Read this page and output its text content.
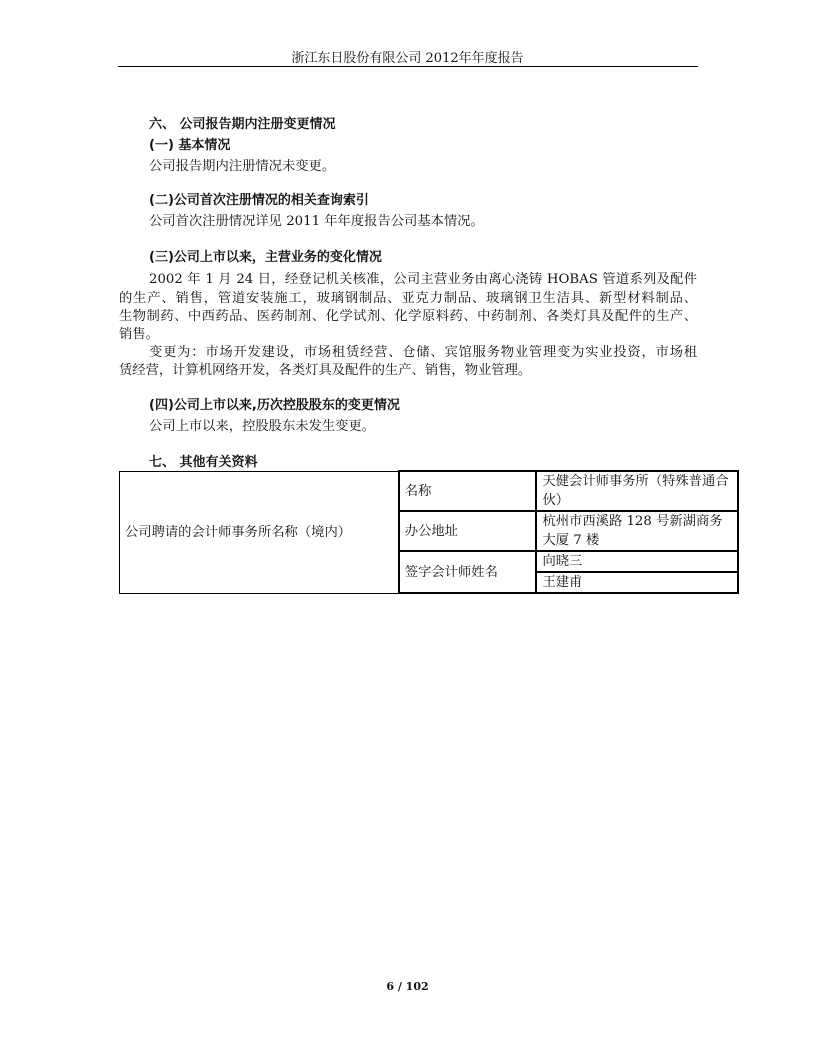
浙江东日股份有限公司 2012年年度报告
六、 公司报告期内注册变更情况
(一) 基本情况
公司报告期内注册情况未变更。
(二)公司首次注册情况的相关查询索引
公司首次注册情况详见 2011 年年度报告公司基本情况。
(三)公司上市以来，主营业务的变化情况
2002 年 1 月 24 日，经登记机关核准，公司主营业务由离心浇铸 HOBAS 管道系列及配件
的生产、销售，管道安装施工，玻璃钢制品、亚克力制品、玻璃钢卫生洁具、新型材料制品、
生物制药、中西药品、医药制剂、化学试剂、化学原料药、中药制剂、各类灯具及配件的生产、
销售。
变更为：市场开发建设，市场租赁经营、仓储、宾馆服务物业管理变为实业投资，市场租
赁经营，计算机网络开发，各类灯具及配件的生产、销售，物业管理。
(四)公司上市以来,历次控股股东的变更情况
公司上市以来，控股股东未发生变更。
七、 其他有关资料
公司聘请的会计师事务所名称（境内）	名称	天健会计师事务所（特殊普通合伙）
	办公地址	杭州市西溪路 128 号新湖商务大厦 7 楼
	签字会计师姓名	向晓三
		王建甫
6 / 102
